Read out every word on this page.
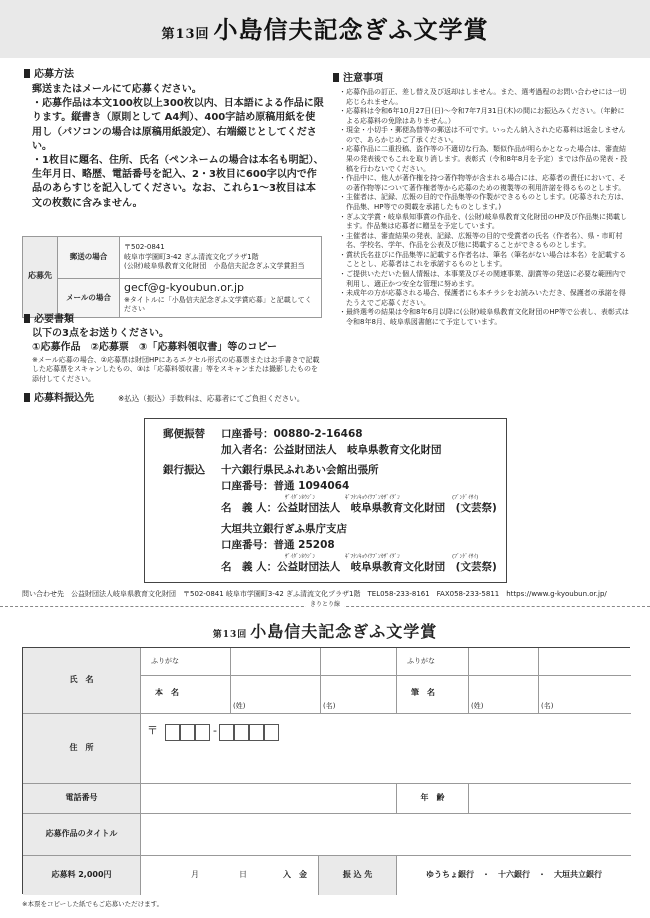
第13回 小島信夫記念ぎふ文学賞
応募方法

郵送またはメールにて応募ください。

・応募作品は本文100枚以上300枚以内、日本語による作品に限ります。縦書き（原則として A4判）、400字詰め原稿用紙を使用し（パソコンの場合は原稿用紙設定）、右端綴じとしてください。

・1枚目に題名、住所、氏名（ペンネームの場合は本名も明記）、生年月日、略歴、電話番号を記入、2・3枚目に600字以内で作品のあらすじを記入してください。なお、これら1〜3枚目は本文の枚数に含みません。

応募先	郵送の場合	〒502-0841
岐阜市学園町3-42 ぎふ清流文化プラザ1階
(公財)岐阜県教育文化財団　小島信夫記念ぎふ文学賞担当

	メールの場合	gecf@g-kyoubun.or.jp
※タイトルに「小島信夫記念ぎふ文学賞応募」と記載してください
必要書類
以下の3点をお送りください。
①応募作品　②応募票　③「応募料領収書」等のコピー
※メール応募の場合、②応募票は財団HPにあるエクセル形式の応募票またはお手書きで記載した応募票をスキャンしたもの、③は「応募料領収書」等をスキャンまたは撮影したものを添付してください。
応募料振込先	※払込（振込）手数料は、応募者にてご負担ください。
注意事項
・応募作品の訂正、差し替え及び返却はしません。また、選考過程のお問い合わせには一切応じられません。
・応募料は令和6年10月27日(日)〜令和7年7月31日(木)の間にお振込みください。（年齢による応募料の免除はありません。）
・現金・小切手・郵便為替等の郵送は不可です。いったん納入された応募料は返金しませんので、あらかじめご了承ください。
・応募作品に二重投稿、盗作等の不適切な行為、類似作品が明らかとなった場合は、審査結果の発表後でもこれを取り消します。表彰式（令和8年8月を予定）までは作品の発表・投稿を行わないでください。
・作品中に、他人が著作権を持つ著作物等が含まれる場合には、応募者の責任において、その著作物等について著作権者等から応募のための複製等の利用許諾を得るものとします。
・主催者は、記録、広報の目的で作品集等の作製ができるものとします。(応募された方は、作品集、HP等での掲載を承諾したものとします。)
・ぎふ文学賞・岐阜県知事賞の作品を、(公財)岐阜県教育文化財団のHP及び作品集に掲載します。作品集は応募者に贈呈を予定しています。
・主催者は、審査結果の発表、記録、広報等の目的で受賞者の氏名（作者名）、県・市町村名、学校名、学年、作品を公表及び他に掲載することができるものとします。
・賞状氏名並びに作品集等に記載する作者名は、筆名（筆名がない場合は本名）を記載することとし、応募者はこれを承諾するものとします。
・ご提供いただいた個人情報は、本事業及びその関連事業、副賞等の発送に必要な範囲内で利用し、適正かつ安全な管理に努めます。
・未成年の方が応募される場合、保護者にも本チラシをお読みいただき、保護者の承諾を得たうえでご応募ください。
・最終選考の結果は令和8年6月以降に(公財)岐阜県教育文化財団のHP等で公表し、表彰式は令和8年8月、岐阜県図書館にて予定しています。
郵便振替 口座番号：00880-2-16468
加入者名：公益財団法人　岐阜県教育文化財団
銀行振込 十六銀行県民ふれあい会館出張所
口座番号：普通 1094064
ｻﾞｲﾀﾞﾝﾎｳｼﾞﾝ	ｷﾞﾌｹﾝｷｮｳｲｸﾌﾞﾝｶｻﾞｲﾀﾞﾝ	(ﾌﾞﾝｹﾞｲｻｲ)
名　義 人：公益財団法人　岐阜県教育文化財団　(文芸祭)
大垣共立銀行ぎふ県庁支店
口座番号：普通 25208
ｻﾞｲﾀﾞﾝﾎｳｼﾞﾝ	ｷﾞﾌｹﾝｷｮｳｲｸﾌﾞﾝｶｻﾞｲﾀﾞﾝ	(ﾌﾞﾝｹﾞｲｻｲ)
名　義 人：公益財団法人　岐阜県教育文化財団　(文芸祭)
問い合わせ先　公益財団法人岐阜県教育文化財団　〒502-0841 岐阜市学園町3-42 ぎふ清流文化プラザ1階　TEL058-233-8161　FAX058-233-5811　https://www.g-kyoubun.or.jp/
きりとり線
第13回 小島信夫記念ぎふ文学賞
氏　名
ふりがな	ふりがな
本　名
(姓)	(名)
筆　名
(姓)	(名)
住　所
〒	-
電話番号	年　齢
応募作品のタイトル
応募料 2,000円	月	日	入　金	振 込 先	ゆうちょ銀行　・　十六銀行　・　大垣共立銀行
※本票をコピーした紙でもご応募いただけます。
